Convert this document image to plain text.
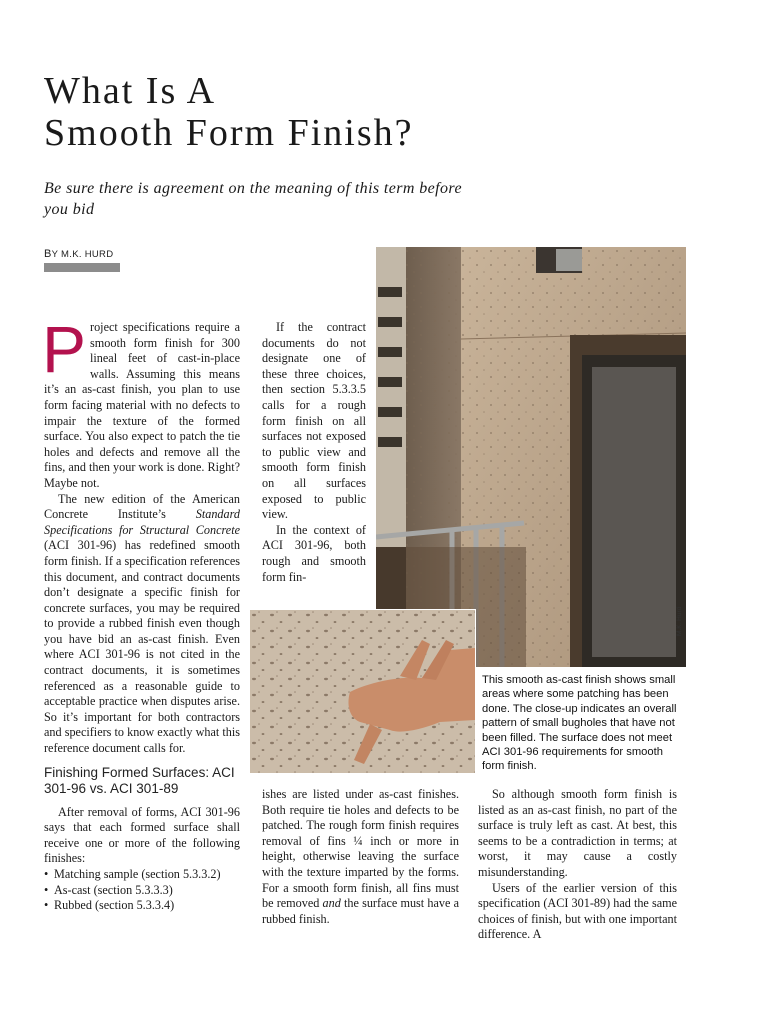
What Is A
Smooth Form Finish?
Be sure there is agreement on the meaning of this term before you bid
BY M.K. HURD

Project specifications require a smooth form finish for 300 lineal feet of cast-in-place walls. Assuming this means it’s an as-cast finish, you plan to use form facing material with no defects to impair the texture of the formed surface. You also expect to patch the tie holes and defects and remove all the fins, and then your work is done. Right? Maybe not.

The new edition of the American Concrete Institute’s Standard Specifications for Structural Concrete (ACI 301-96) has redefined smooth form finish. If a specification references this document, and contract documents don’t designate a specific finish for concrete surfaces, you may be required to provide a rubbed finish even though you have bid an as-cast finish. Even where ACI 301-96 is not cited in the contract documents, it is sometimes referenced as a reasonable guide to acceptable practice when disputes arise. So it’s important for both contractors and specifiers to know exactly what this reference document calls for.

Finishing Formed Surfaces: ACI 301-96 vs. ACI 301-89

After removal of forms, ACI 301-96 says that each formed surface shall receive one or more of the following finishes:

• Matching sample (section 5.3.3.2)
• As-cast (section 5.3.3.3)
• Rubbed (section 5.3.3.4)

If the contract documents do not designate one of these three choices, then section 5.3.3.5 calls for a rough form finish on all surfaces not exposed to public view and smooth form finish on all surfaces exposed to public view.

In the context of ACI 301-96, both rough and smooth form fin-

M.K. Hurd
This smooth as-cast finish shows small areas where some patching has been done. The close-up indicates an overall pattern of small bugholes that have not been filled. The surface does not meet ACI 301-96 requirements for smooth form finish.

ishes are listed under as-cast finishes. Both require tie holes and defects to be patched. The rough form finish requires removal of fins ¼ inch or more in height, otherwise leaving the surface with the texture imparted by the forms. For a smooth form finish, all fins must be removed and the surface must have a rubbed finish.

So although smooth form finish is listed as an as-cast finish, no part of the surface is truly left as cast. At best, this seems to be a contradiction in terms; at worst, it may cause a costly misunderstanding.

Users of the earlier version of this specification (ACI 301-89) had the same choices of finish, but with one important difference. A
